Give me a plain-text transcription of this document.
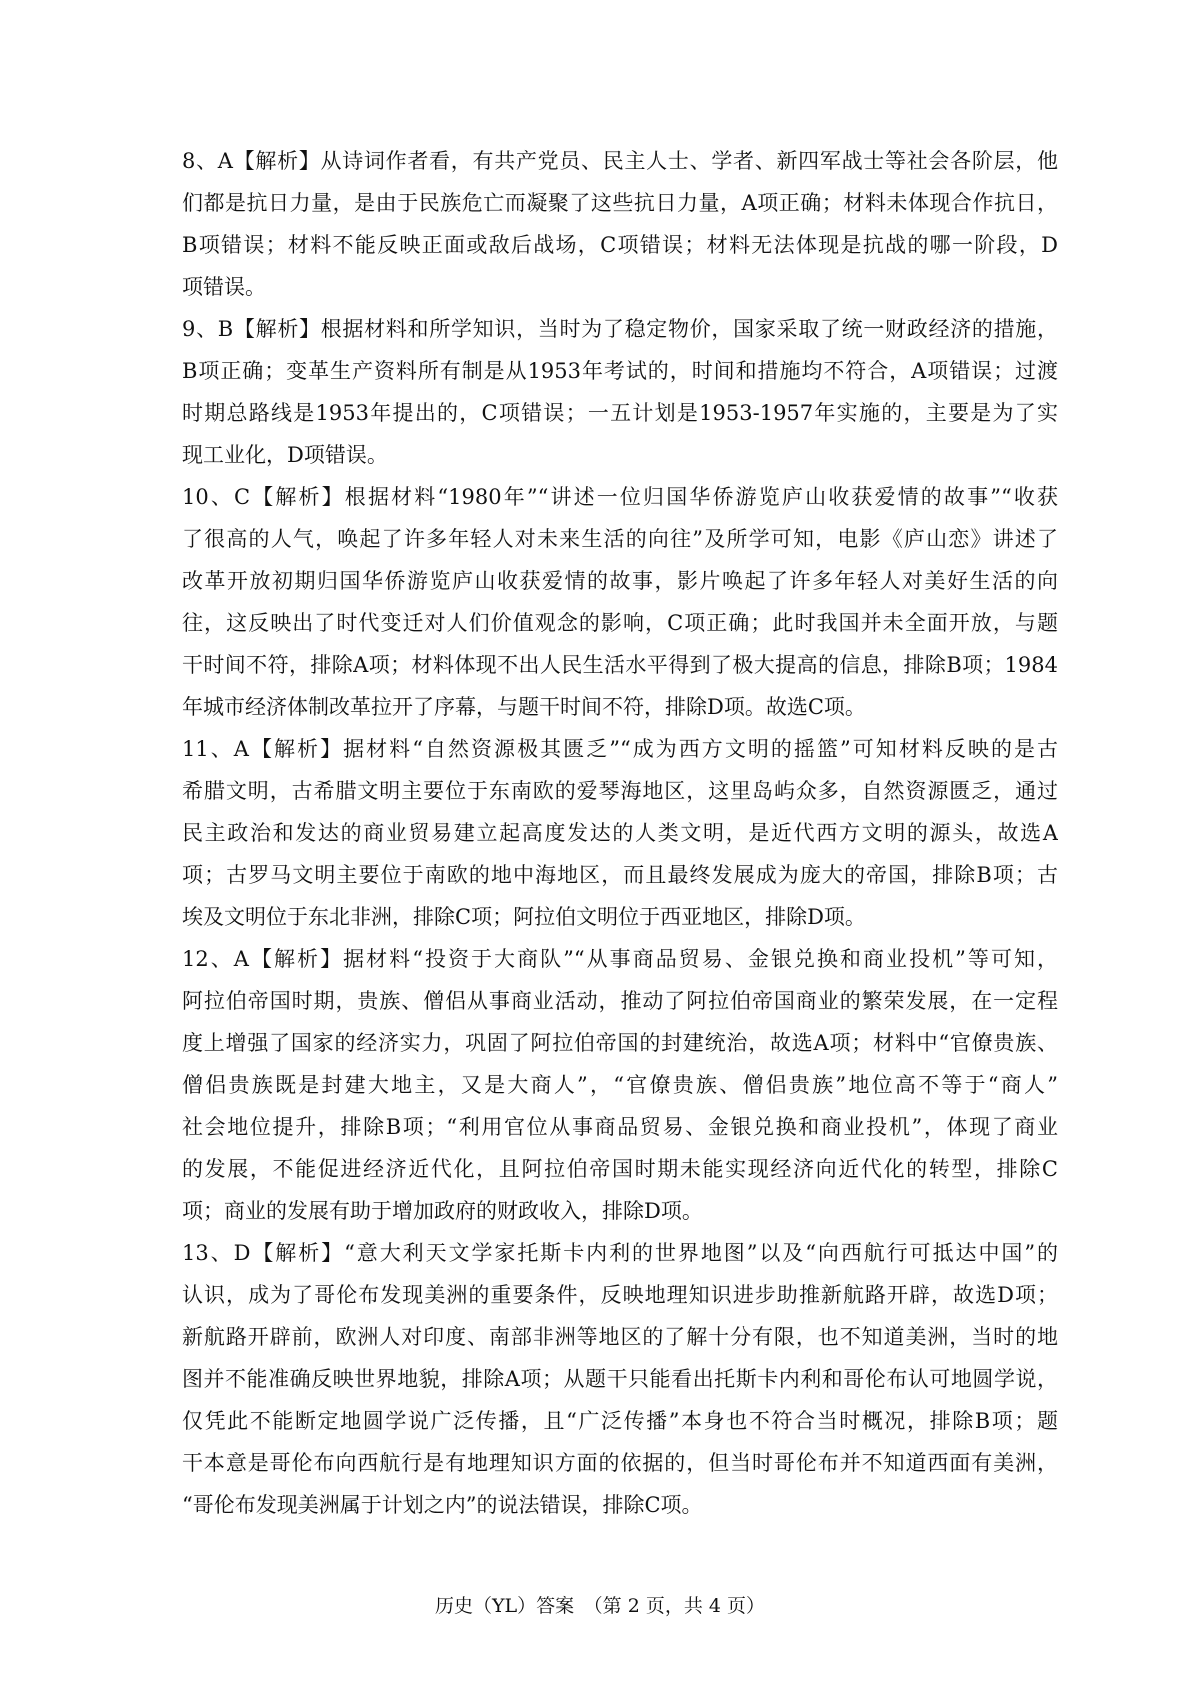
8、A【解析】从诗词作者看，有共产党员、民主人士、学者、新四军战士等社会各阶层，他
们都是抗日力量，是由于民族危亡而凝聚了这些抗日力量，A项正确；材料未体现合作抗日，
B项错误；材料不能反映正面或敌后战场，C项错误；材料无法体现是抗战的哪一阶段，D
项错误。
9、B【解析】根据材料和所学知识，当时为了稳定物价，国家采取了统一财政经济的措施，
B项正确；变革生产资料所有制是从1953年考试的，时间和措施均不符合，A项错误；过渡
时期总路线是1953年提出的，C项错误；一五计划是1953-1957年实施的，主要是为了实
现工业化，D项错误。
10、C【解析】根据材料“1980年”“讲述一位归国华侨游览庐山收获爱情的故事”“收获
了很高的人气，唤起了许多年轻人对未来生活的向往”及所学可知，电影《庐山恋》讲述了
改革开放初期归国华侨游览庐山收获爱情的故事，影片唤起了许多年轻人对美好生活的向
往，这反映出了时代变迁对人们价值观念的影响，C项正确；此时我国并未全面开放，与题
干时间不符，排除A项；材料体现不出人民生活水平得到了极大提高的信息，排除B项；1984
年城市经济体制改革拉开了序幕，与题干时间不符，排除D项。故选C项。
11、A【解析】据材料“自然资源极其匮乏”“成为西方文明的摇篮”可知材料反映的是古
希腊文明，古希腊文明主要位于东南欧的爱琴海地区，这里岛屿众多，自然资源匮乏，通过
民主政治和发达的商业贸易建立起高度发达的人类文明，是近代西方文明的源头，故选A
项；古罗马文明主要位于南欧的地中海地区，而且最终发展成为庞大的帝国，排除B项；古
埃及文明位于东北非洲，排除C项；阿拉伯文明位于西亚地区，排除D项。
12、A【解析】据材料“投资于大商队”“从事商品贸易、金银兑换和商业投机”等可知，
阿拉伯帝国时期，贵族、僧侣从事商业活动，推动了阿拉伯帝国商业的繁荣发展，在一定程
度上增强了国家的经济实力，巩固了阿拉伯帝国的封建统治，故选A项；材料中“官僚贵族、
僧侣贵族既是封建大地主，又是大商人”，“官僚贵族、僧侣贵族”地位高不等于“商人”
社会地位提升，排除B项；“利用官位从事商品贸易、金银兑换和商业投机”，体现了商业
的发展，不能促进经济近代化，且阿拉伯帝国时期未能实现经济向近代化的转型，排除C
项；商业的发展有助于增加政府的财政收入，排除D项。
13、D【解析】“意大利天文学家托斯卡内利的世界地图”以及“向西航行可抵达中国”的
认识，成为了哥伦布发现美洲的重要条件，反映地理知识进步助推新航路开辟，故选D项；
新航路开辟前，欧洲人对印度、南部非洲等地区的了解十分有限，也不知道美洲，当时的地
图并不能准确反映世界地貌，排除A项；从题干只能看出托斯卡内利和哥伦布认可地圆学说，
仅凭此不能断定地圆学说广泛传播，且“广泛传播”本身也不符合当时概况，排除B项；题
干本意是哥伦布向西航行是有地理知识方面的依据的，但当时哥伦布并不知道西面有美洲，
“哥伦布发现美洲属于计划之内”的说法错误，排除C项。
历史（YL）答案　（第 2 页，共 4 页）
